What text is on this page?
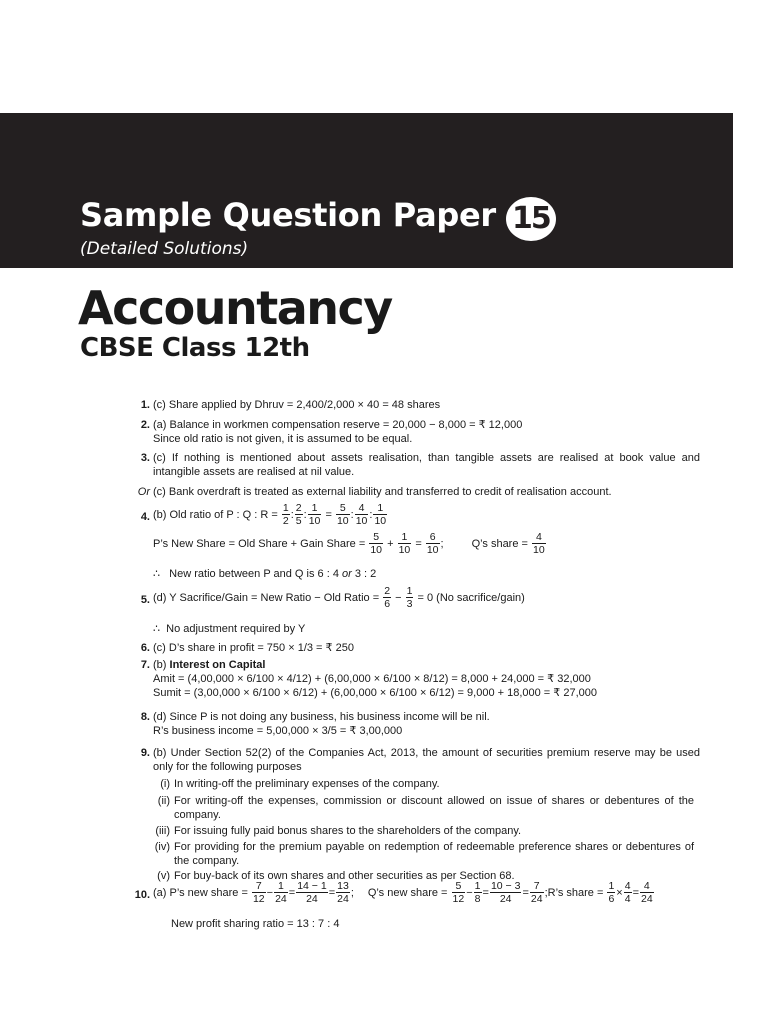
Sample Question Paper 15
(Detailed Solutions)
Accountancy
CBSE Class 12th
1. (c) Share applied by Dhruv = 2,400/2,000 × 40 = 48 shares
2. (a) Balance in workmen compensation reserve = 20,000 − 8,000 = ₹ 12,000
Since old ratio is not given, it is assumed to be equal.
3. (c) If nothing is mentioned about assets realisation, than tangible assets are realised at book value and intangible assets are realised at nil value.
Or (c) Bank overdraft is treated as external liability and transferred to credit of realisation account.
4. (b) Old ratio of P : Q : R =
$\frac{1}{2}$ : $\frac{2}{5}$ : $\frac{1}{10}$
=
$\frac{5}{10}$ : $\frac{4}{10}$ : $\frac{1}{10}$
P’s New Share = Old Share + Gain Share =
$\frac{5}{10}$
+
$\frac{1}{10}$
=
$\frac{6}{10}$ ;	Q’s share =
$\frac{4}{10}$
∴ New ratio between P and Q is 6 : 4 or 3 : 2
5. (d) Y Sacrifice/Gain = New Ratio − Old Ratio =
$\frac{2}{6}$
−
$\frac{1}{3}$
= 0 (No sacrifice/gain)
∴ No adjustment required by Y
6. (c) D’s share in profit = 750 × 1/3 = ₹ 250
7. (b) Interest on Capital
Amit = (4,00,000 × 6/100 × 4/12) + (6,00,000 × 6/100 × 8/12) = 8,000 + 24,000 = ₹ 32,000
Sumit = (3,00,000 × 6/100 × 6/12) + (6,00,000 × 6/100 × 6/12) = 9,000 + 18,000 = ₹ 27,000
8. (d) Since P is not doing any business, his business income will be nil.
R’s business income = 5,00,000 × 3/5 = ₹ 3,00,000
9. (b) Under Section 52(2) of the Companies Act, 2013, the amount of securities premium reserve may be used only for the following purposes
(i) In writing-off the preliminary expenses of the company.
(ii) For writing-off the expenses, commission or discount allowed on issue of shares or debentures of the company.
(iii) For issuing fully paid bonus shares to the shareholders of the company.
(iv) For providing for the premium payable on redemption of redeemable preference shares or debentures of the company.
(v) For buy-back of its own shares and other securities as per Section 68.
10. (a) P’s new share =
$\frac{7}{12} - \frac{1}{24} = \frac{14 - 1}{24} = \frac{13}{24}$ ; Q’s new share =
$\frac{5}{12} - \frac{1}{8} = \frac{10 - 3}{24} = \frac{7}{24}$ ; R’s share =
$\frac{1}{6} \times \frac{4}{4} = \frac{4}{24}$
New profit sharing ratio = 13 : 7 : 4
